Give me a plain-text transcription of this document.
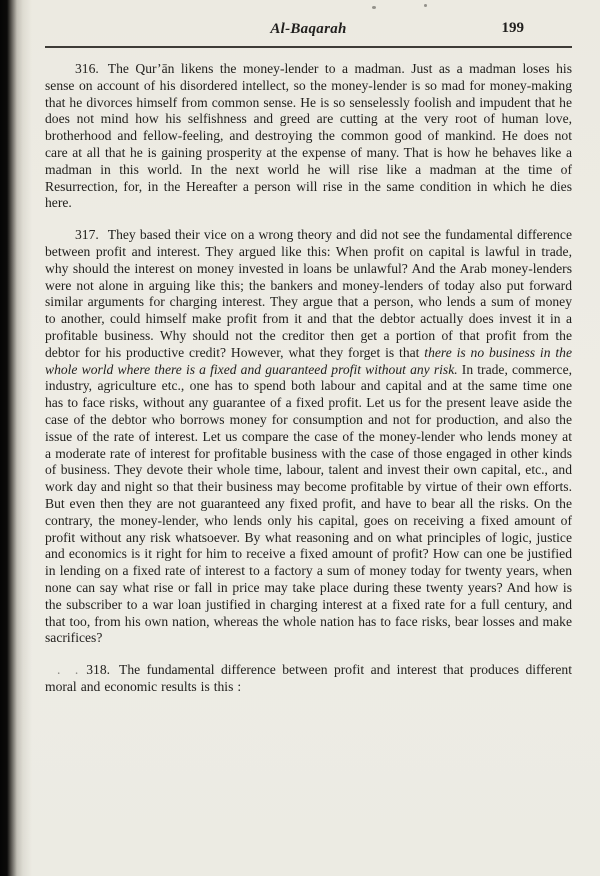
Al-Baqarah	199

316. The Qur’ān likens the money-lender to a madman. Just as a madman loses his sense on account of his disordered intellect, so the money-lender is so mad for money-making that he divorces himself from common sense. He is so senselessly foolish and impudent that he does not mind how his selfishness and greed are cutting at the very root of human love, brotherhood and fellow-feeling, and destroying the common good of mankind. He does not care at all that he is gaining prosperity at the expense of many. That is how he behaves like a madman in this world. In the next world he will rise like a madman at the time of Resurrection, for, in the Hereafter a person will rise in the same condition in which he dies here.

317. They based their vice on a wrong theory and did not see the fundamental difference between profit and interest. They argued like this: When profit on capital is lawful in trade, why should the interest on money invested in loans be unlawful? And the Arab money-lenders were not alone in arguing like this; the bankers and money-lenders of today also put forward similar arguments for charging interest. They argue that a person, who lends a sum of money to another, could himself make profit from it and that the debtor actually does invest it in a profitable business. Why should not the creditor then get a portion of that profit from the debtor for his productive credit? However, what they forget is that there is no business in the whole world where there is a fixed and guaranteed profit without any risk. In trade, commerce, industry, agriculture etc., one has to spend both labour and capital and at the same time one has to face risks, without any guarantee of a fixed profit. Let us for the present leave aside the case of the debtor who borrows money for consumption and not for production, and also the issue of the rate of interest. Let us compare the case of the money-lender who lends money at a moderate rate of interest for profitable business with the case of those engaged in other kinds of business. They devote their whole time, labour, talent and invest their own capital, etc., and work day and night so that their business may become profitable by virtue of their own efforts. But even then they are not guaranteed any fixed profit, and have to bear all the risks. On the contrary, the money-lender, who lends only his capital, goes on receiving a fixed amount of profit without any risk whatsoever. By what reasoning and on what principles of logic, justice and economics is it right for him to receive a fixed amount of profit? How can one be justified in lending on a fixed rate of interest to a factory a sum of money today for twenty years, when none can say what rise or fall in price may take place during these twenty years? And how is the subscriber to a war loan justified in charging interest at a fixed rate for a full century, and that too, from his own nation, whereas the whole nation has to face risks, bear losses and make sacrifices?

. . 318. The fundamental difference between profit and interest that produces different moral and economic results is this :
